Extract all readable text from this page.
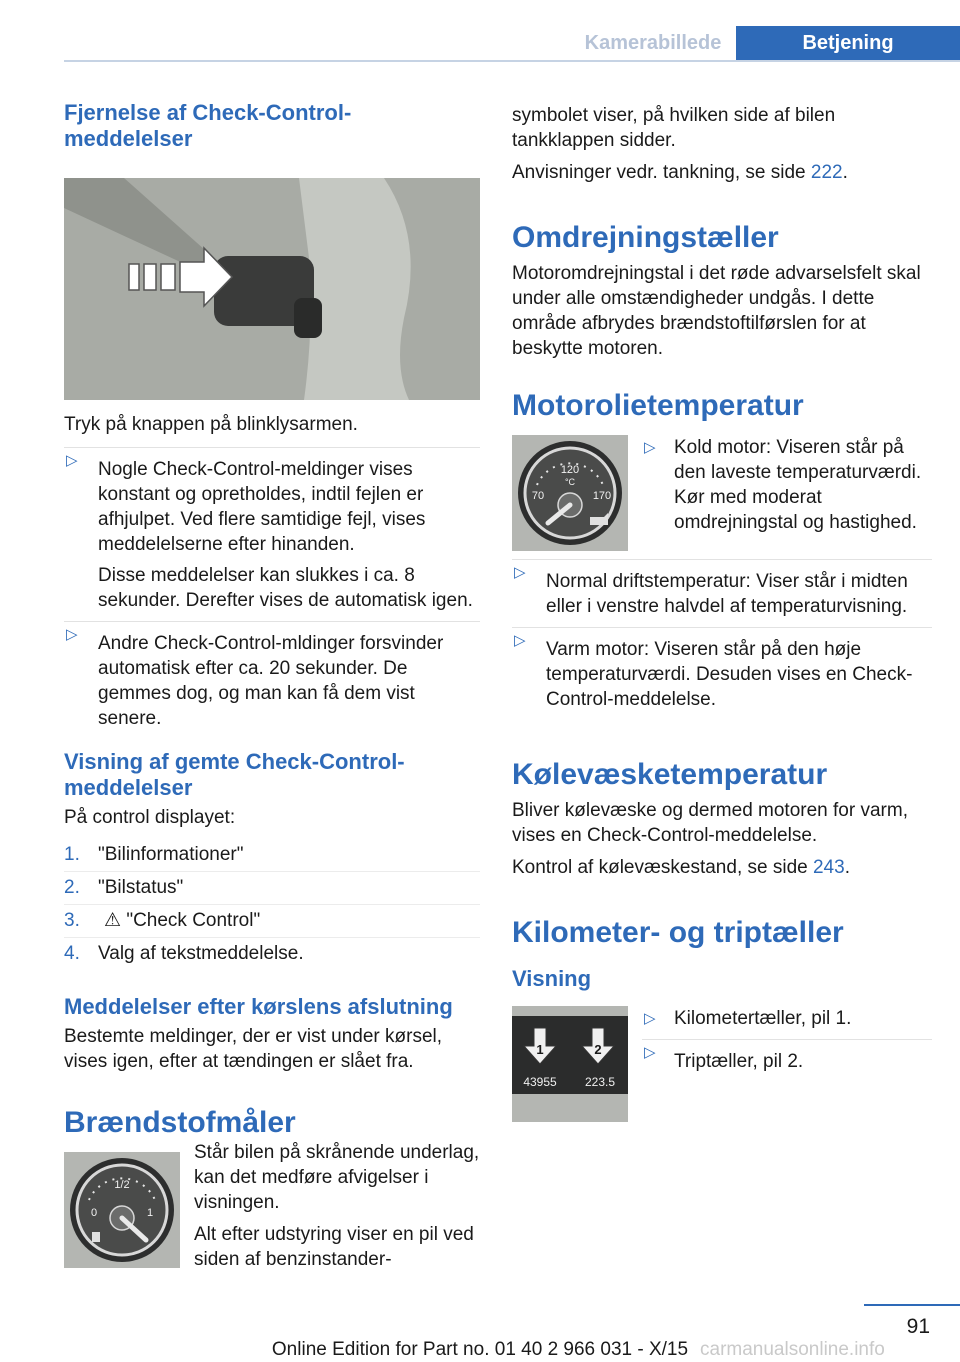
Kamerabillede	Betjening
Fjernelse af Check-Control-meddelelser

Tryk på knappen på blinklysarmen.

▷ Nogle Check-Control-meldinger vises konstant og opretholdes, indtil fejlen er afhjulpet. Ved flere samtidige fejl, vises meddelelserne efter hinanden.
Disse meddelelser kan slukkes i ca. 8 sekunder. Derefter vises de automatisk igen.
▷ Andre Check-Control-mldinger forsvinder automatisk efter ca. 20 sekunder. De gemmes dog, og man kan få dem vist senere.
Visning af gemte Check-Control-meddelelser

På control displayet:

1. "Bilinformationer"
2. "Bilstatus"
3. ⚠ "Check Control"
4. Valg af tekstmeddelelse.
Meddelelser efter kørslens afslutning

Bestemte meldinger, der er vist under kørsel, vises igen, efter at tændingen er slået fra.

Brændstofmåler
1/2
0	1

Står bilen på skrånende underlag, kan det medføre afvigelser i visningen.

Alt efter udstyring viser en pil ved siden af benzinstander-

symbolet viser, på hvilken side af bilen tankklappen sidder.

Anvisninger vedr. tankning, se side 222.

Omdrejningstæller

Motoromdrejningstal i det røde advarselsfelt skal under alle omstændigheder undgås. I dette område afbrydes brændstoftilførslen for at beskytte motoren.

Motorolietemperatur
120
°C
70	170
▷ Kold motor: Viseren står på den laveste temperaturværdi. Kør med moderat omdrejningstal og hastighed.
▷ Normal driftstemperatur: Viser står i midten eller i venstre halvdel af temperaturvisning.
▷ Varm motor: Viseren står på den høje temperaturværdi. Desuden vises en Check-Control-meddelelse.
Kølevæsketemperatur

Bliver kølevæske og dermed motoren for varm, vises en Check-Control-meddelelse.

Kontrol af kølevæskestand, se side 243.

Kilometer- og triptæller
Visning
1	2
43955 223.5
▷ Kilometertæller, pil 1.
▷ Triptæller, pil 2.
91
Online Edition for Part no. 01 40 2 966 031 - X/15 carmanualsonline.info
